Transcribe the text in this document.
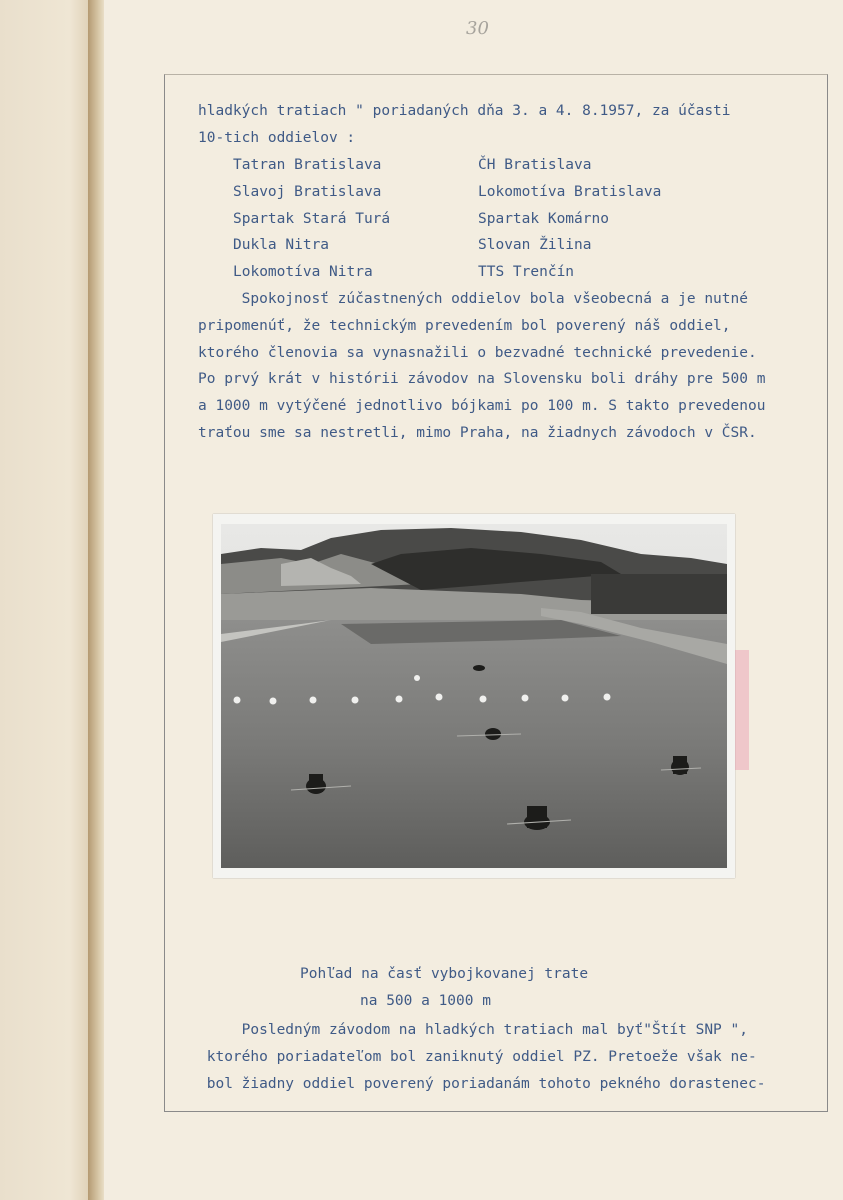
30
hladkých tratiach " poriadaných dňa 3. a 4. 8.1957, za účasti
10-tich oddielov :
Tatran Bratislava	ČH Bratislava
Slavoj Bratislava	Lokomotíva Bratislava
Spartak Stará Turá	Spartak Komárno
Dukla Nitra	Slovan Žilina
Lokomotíva Nitra	TTS Trenčín
Spokojnosť zúčastnených oddielov bola všeobecná a je nutné
pripomenúť, že technickým prevedením bol poverený náš oddiel,
ktorého členovia sa vynasnažili o bezvadné technické prevedenie.
Po prvý krát v histórii závodov na Slovensku boli dráhy pre 500 m
a 1000 m vytýčené jednotlivo bójkami po 100 m. S takto prevedenou
traťou sme sa nestretli, mimo Praha, na žiadnych závodoch v ČSR.
Pohľad na časť vybojkovanej trate
na 500 a 1000 m
Posledným závodom na hladkých tratiach mal byť"Štít SNP ",
ktorého poriadateľom bol zaniknutý oddiel PZ. Pretoeže však ne-
bol žiadny oddiel poverený poriadanám tohoto pekného dorastenec-
